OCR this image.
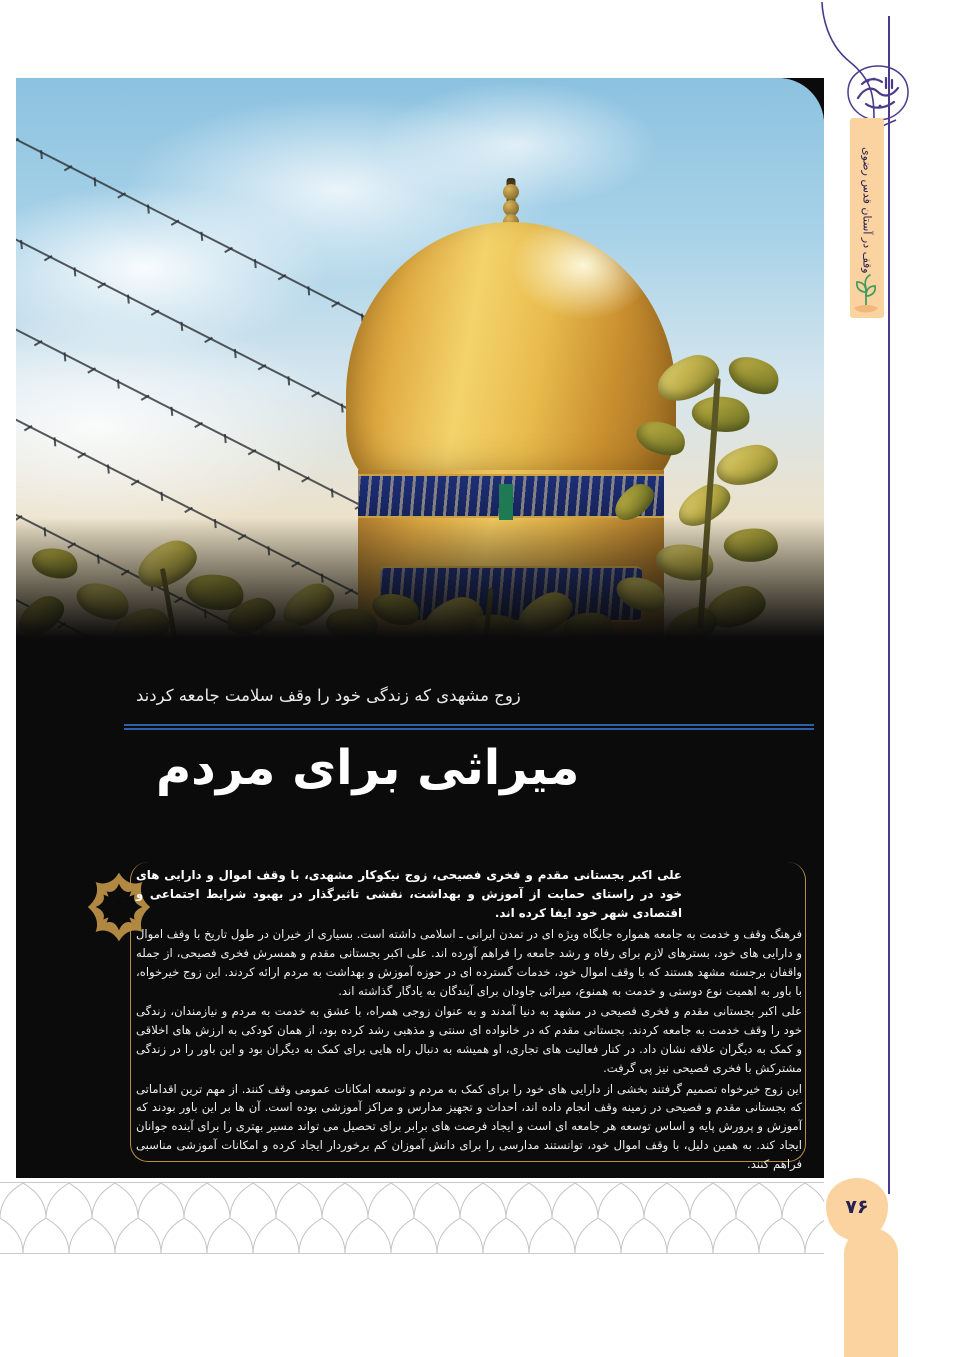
زوج مشهدی که زندگی خود را وقف سلامت جامعه کردند
میراثی برای مردم

علی اکبر بجستانی مقدم و فخری فصیحی، زوج نیکوکار مشهدی، با وقف اموال و دارایی های خود در راستای حمایت از آموزش و بهداشت، نقشی تاثیرگذار در بهبود شرایط اجتماعی و اقتصادی شهر خود ایفا کرده اند.

فرهنگ وقف و خدمت به جامعه همواره جایگاه ویژه ای در تمدن ایرانی ـ اسلامی داشته است. بسیاری از خیران در طول تاریخ با وقف اموال و دارایی های خود، بسترهای لازم برای رفاه و رشد جامعه را فراهم آورده اند. علی اکبر بجستانی مقدم و همسرش فخری فصیحی، از جمله واقفان برجسته مشهد هستند که با وقف اموال خود، خدمات گسترده ای در حوزه آموزش و بهداشت به مردم ارائه کردند. این زوج خیرخواه، با باور به اهمیت نوع دوستی و خدمت به همنوع، میراثی جاودان برای آیندگان به یادگار گذاشته اند.

علی اکبر بجستانی مقدم و فخری فصیحی در مشهد به دنیا آمدند و به عنوان زوجی همراه، با عشق به خدمت به مردم و نیازمندان، زندگی خود را وقف خدمت به جامعه کردند. بجستانی مقدم که در خانواده ای سنتی و مذهبی رشد کرده بود، از همان کودکی به ارزش های اخلاقی و کمک به دیگران علاقه نشان داد. در کنار فعالیت های تجاری، او همیشه به دنبال راه هایی برای کمک به دیگران بود و این باور را در زندگی مشترکش با فخری فصیحی نیز پی گرفت.

این زوج خیرخواه تصمیم گرفتند بخشی از دارایی های خود را برای کمک به مردم و توسعه امکانات عمومی وقف کنند. از مهم ترین اقداماتی که بجستانی مقدم و فصیحی در زمینه وقف انجام داده اند، احداث و تجهیز مدارس و مراکز آموزشی بوده است. آن ها بر این باور بودند که آموزش و پرورش پایه و اساس توسعه هر جامعه ای است و ایجاد فرصت های برابر برای تحصیل می تواند مسیر بهتری را برای آینده جوانان ایجاد کند. به همین دلیل، با وقف اموال خود، توانستند مدارسی را برای دانش آموزان کم برخوردار ایجاد کرده و امکانات آموزشی مناسبی فراهم کنند.

وقف در آستان قدس رضوی
۷۶
